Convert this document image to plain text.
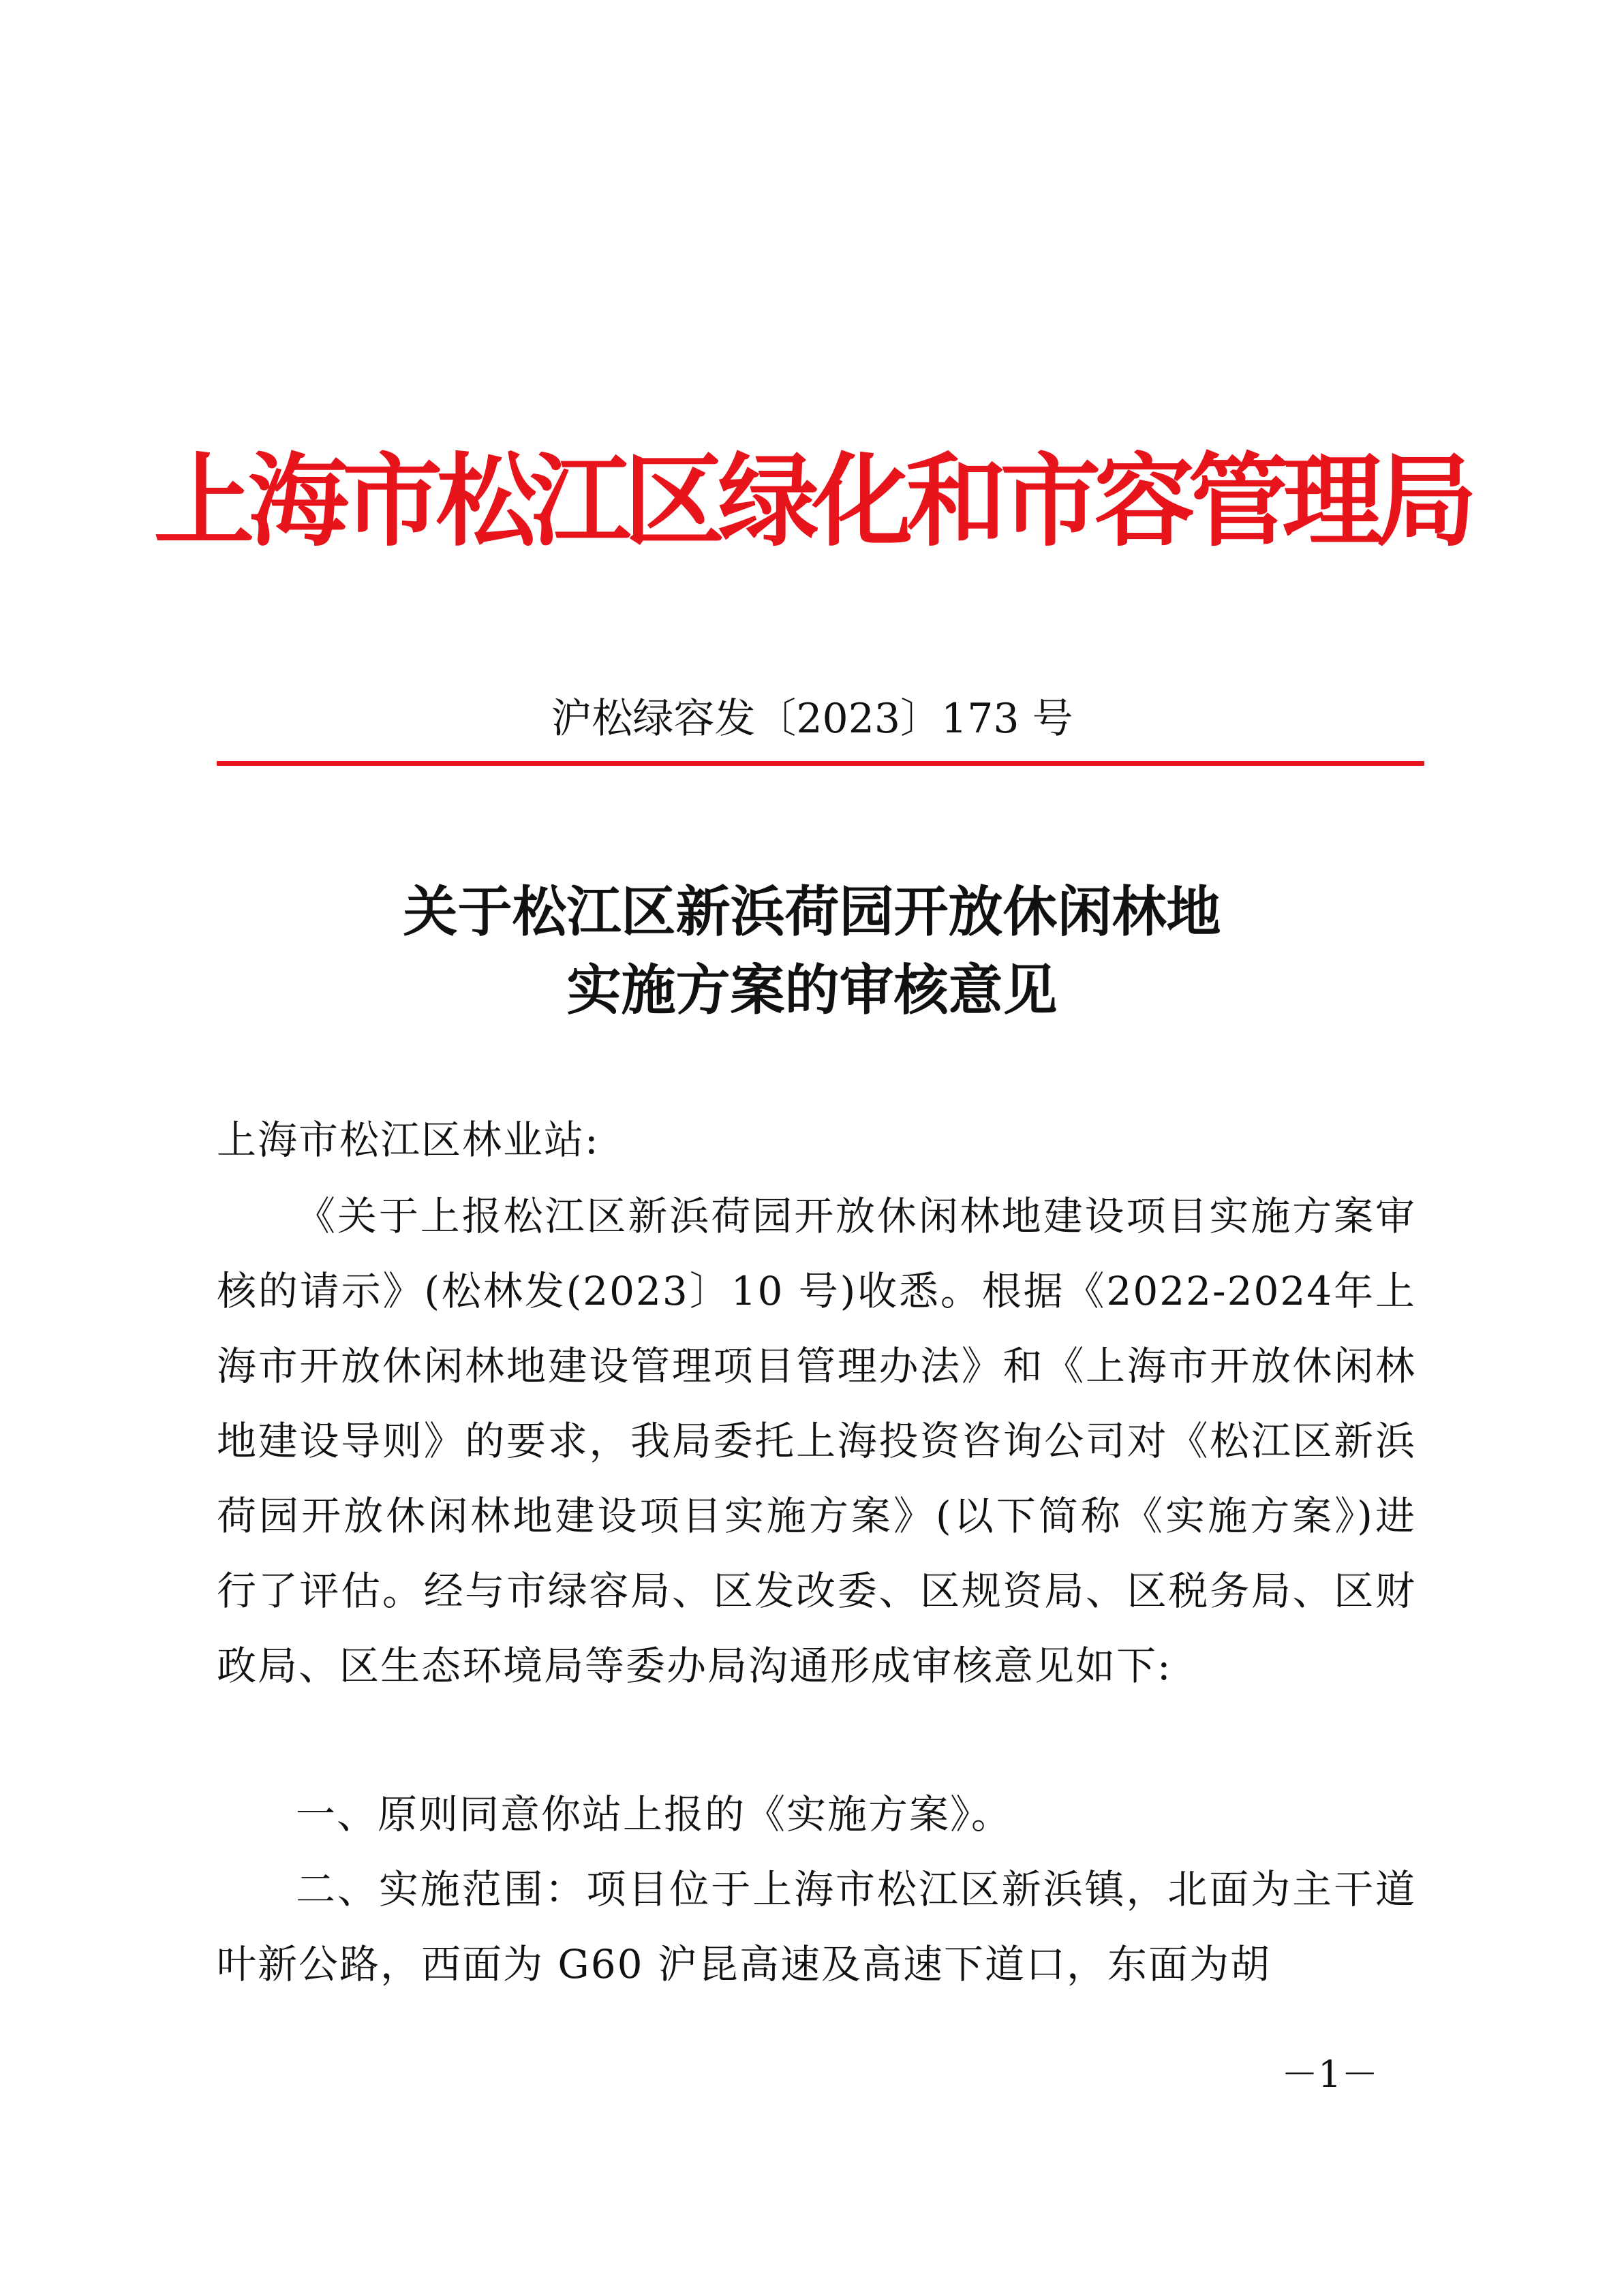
上海市松江区绿化和市容管理局
沪松绿容发〔2023〕173 号
关于松江区新浜荷园开放休闲林地
实施方案的审核意见
上海市松江区林业站:
《关于上报松江区新浜荷园开放休闲林地建设项目实施方案审核的请示》(松林发(2023〕10 号)收悉。根据《2022-2024年上海市开放休闲林地建设管理项目管理办法》和《上海市开放休闲林地建设导则》的要求，我局委托上海投资咨询公司对《松江区新浜荷园开放休闲林地建设项目实施方案》(以下简称《实施方案》)进行了评估。经与市绿容局、区发改委、区规资局、区税务局、区财政局、区生态环境局等委办局沟通形成审核意见如下:
一、原则同意你站上报的《实施方案》。
二、实施范围：项目位于上海市松江区新浜镇，北面为主干道叶新公路，西面为 G60 沪昆高速及高速下道口，东面为胡
－1－
